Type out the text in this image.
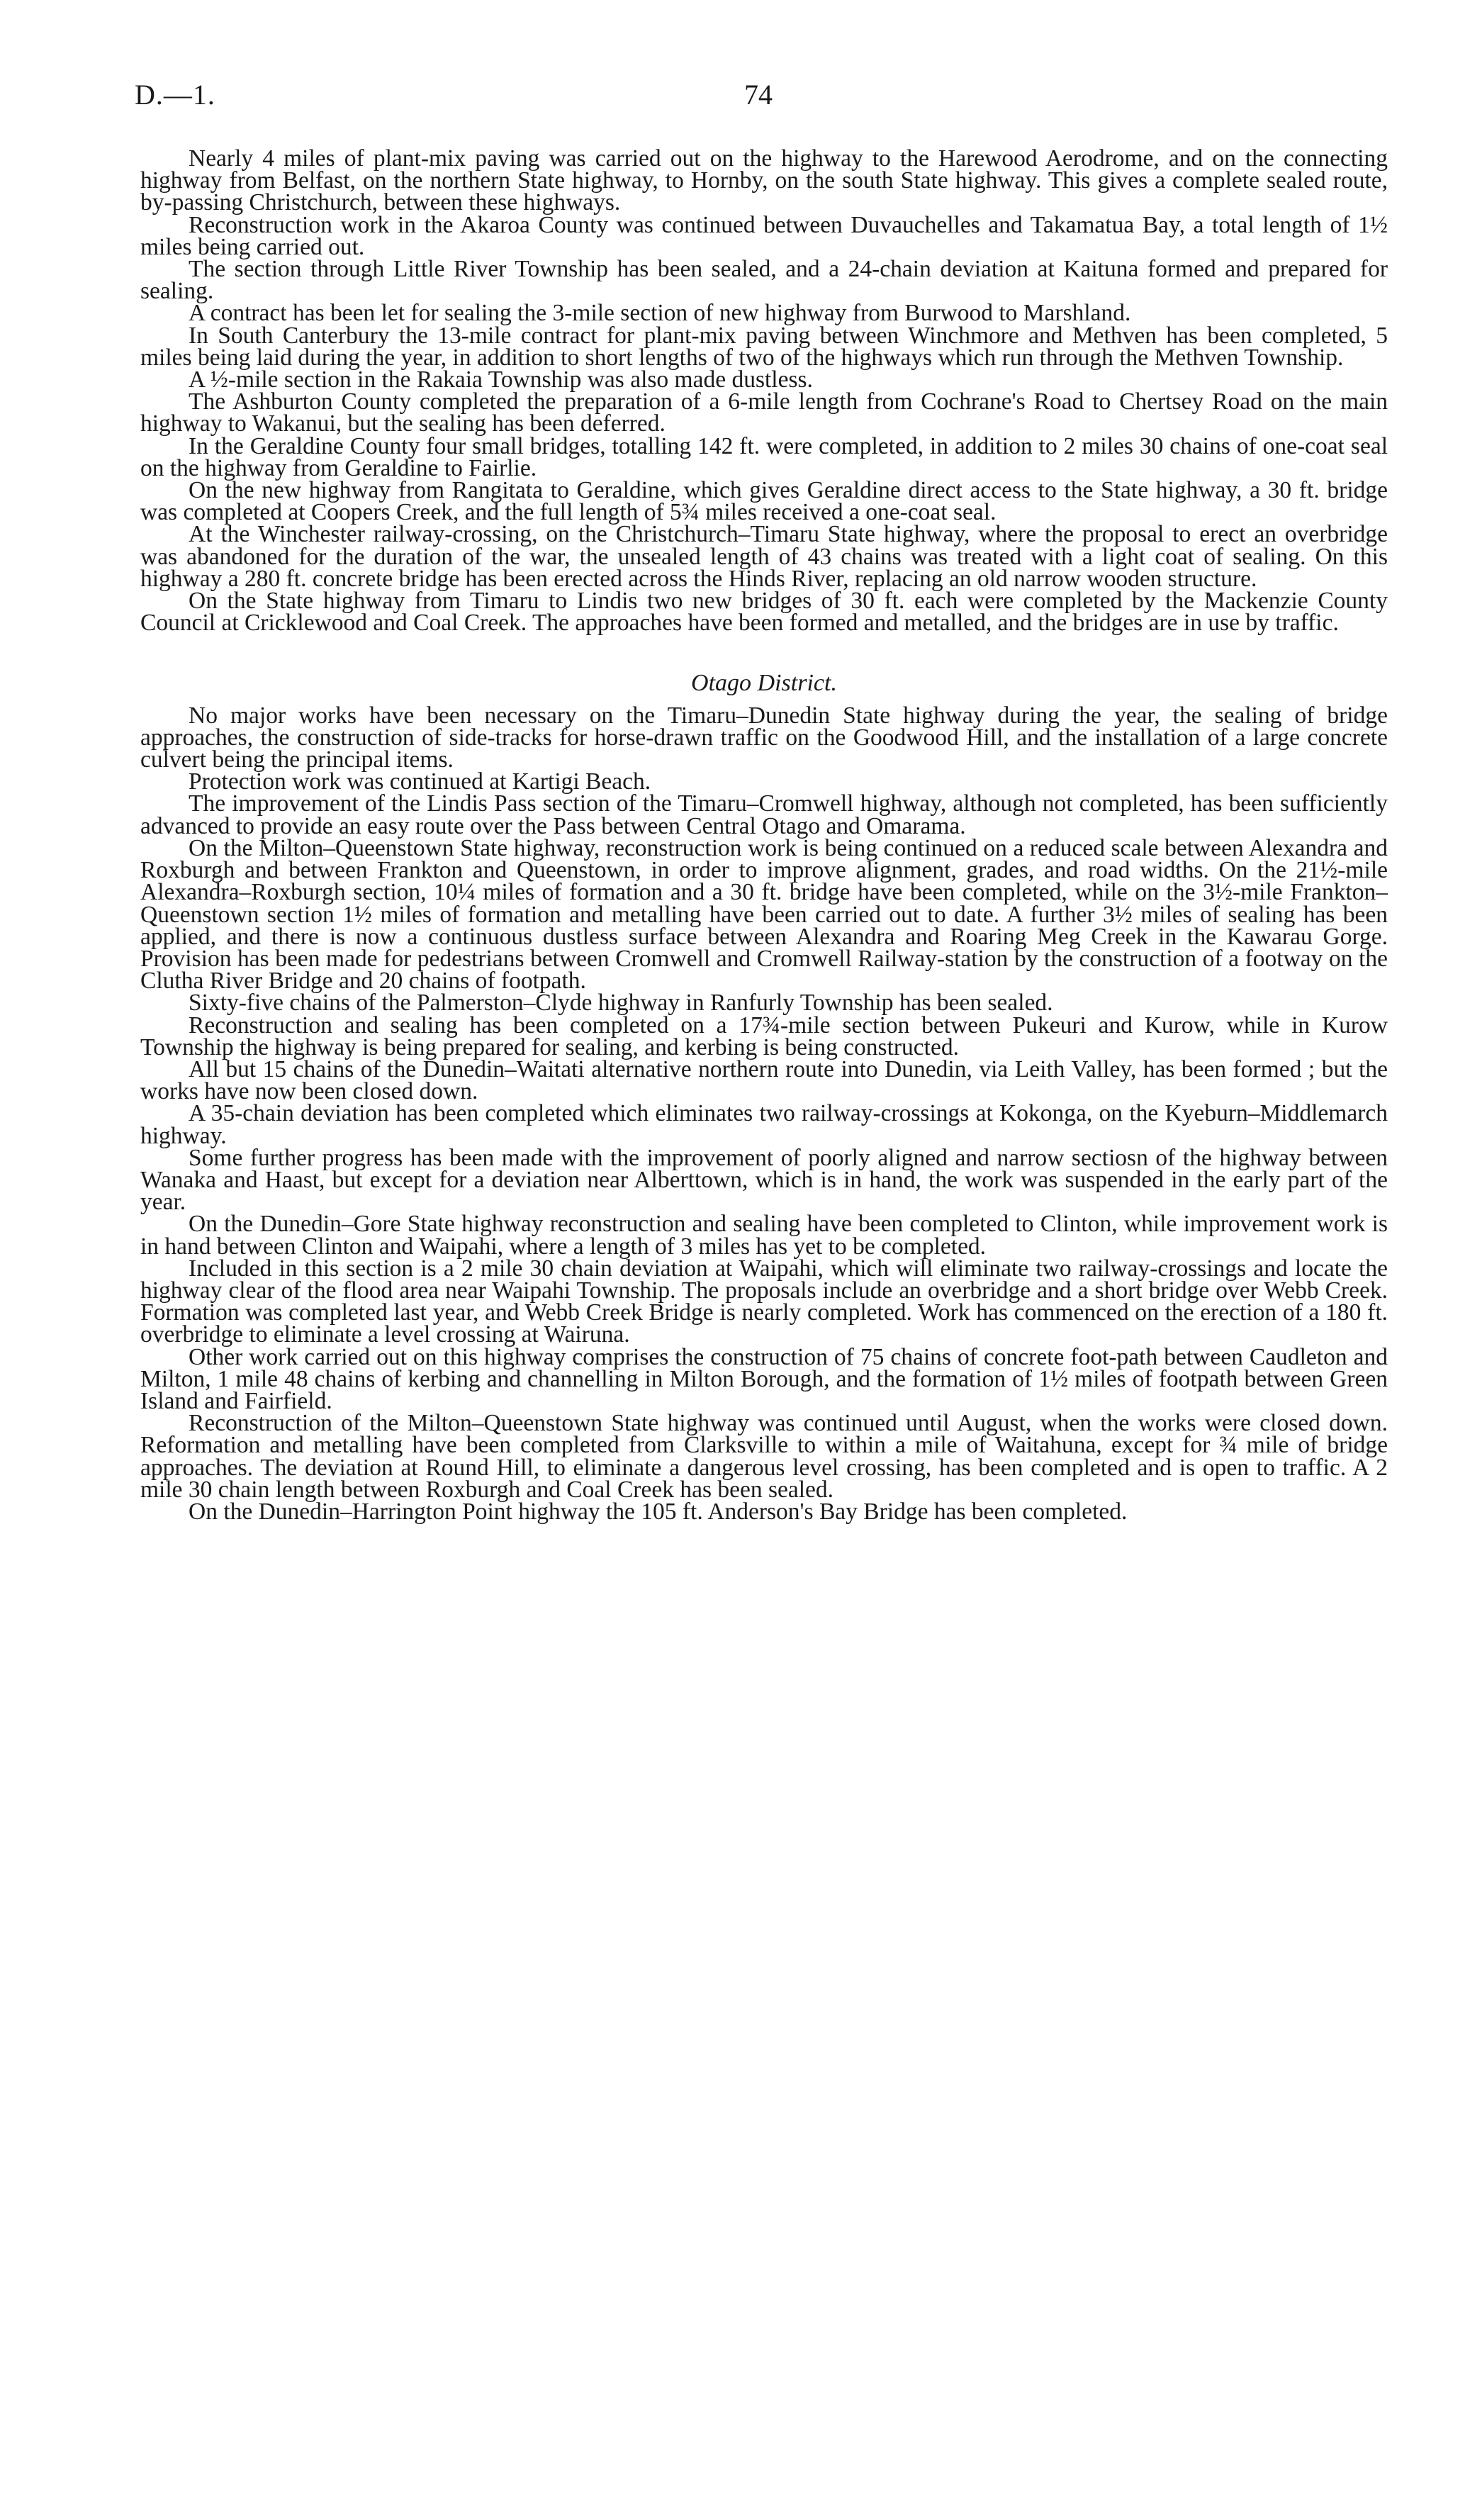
D.—1.	74

Nearly 4 miles of plant-mix paving was carried out on the highway to the Harewood Aerodrome, and on the connecting highway from Belfast, on the northern State highway, to Hornby, on the south State highway. This gives a complete sealed route, by-passing Christchurch, between these highways.

Reconstruction work in the Akaroa County was continued between Duvauchelles and Takamatua Bay, a total length of 1½ miles being carried out.

The section through Little River Township has been sealed, and a 24-chain deviation at Kaituna formed and prepared for sealing.

A contract has been let for sealing the 3-mile section of new highway from Burwood to Marshland.

In South Canterbury the 13-mile contract for plant-mix paving between Winchmore and Methven has been completed, 5 miles being laid during the year, in addition to short lengths of two of the highways which run through the Methven Township.

A ½-mile section in the Rakaia Township was also made dustless.

The Ashburton County completed the preparation of a 6-mile length from Cochrane's Road to Chertsey Road on the main highway to Wakanui, but the sealing has been deferred.

In the Geraldine County four small bridges, totalling 142 ft. were completed, in addition to 2 miles 30 chains of one-coat seal on the highway from Geraldine to Fairlie.

On the new highway from Rangitata to Geraldine, which gives Geraldine direct access to the State highway, a 30 ft. bridge was completed at Coopers Creek, and the full length of 5¾ miles received a one-coat seal.

At the Winchester railway-crossing, on the Christchurch–Timaru State highway, where the proposal to erect an overbridge was abandoned for the duration of the war, the unsealed length of 43 chains was treated with a light coat of sealing. On this highway a 280 ft. concrete bridge has been erected across the Hinds River, replacing an old narrow wooden structure.

On the State highway from Timaru to Lindis two new bridges of 30 ft. each were completed by the Mackenzie County Council at Cricklewood and Coal Creek. The approaches have been formed and metalled, and the bridges are in use by traffic.

Otago District.

No major works have been necessary on the Timaru–Dunedin State highway during the year, the sealing of bridge approaches, the construction of side-tracks for horse-drawn traffic on the Goodwood Hill, and the installation of a large concrete culvert being the principal items.

Protection work was continued at Kartigi Beach.

The improvement of the Lindis Pass section of the Timaru–Cromwell highway, although not completed, has been sufficiently advanced to provide an easy route over the Pass between Central Otago and Omarama.

On the Milton–Queenstown State highway, reconstruction work is being continued on a reduced scale between Alexandra and Roxburgh and between Frankton and Queenstown, in order to improve alignment, grades, and road widths. On the 21½-mile Alexandra–Roxburgh section, 10¼ miles of formation and a 30 ft. bridge have been completed, while on the 3½-mile Frankton–Queenstown section 1½ miles of formation and metalling have been carried out to date. A further 3½ miles of sealing has been applied, and there is now a continuous dustless surface between Alexandra and Roaring Meg Creek in the Kawarau Gorge. Provision has been made for pedestrians between Cromwell and Cromwell Railway-station by the construction of a footway on the Clutha River Bridge and 20 chains of footpath.

Sixty-five chains of the Palmerston–Clyde highway in Ranfurly Township has been sealed.

Reconstruction and sealing has been completed on a 17¾-mile section between Pukeuri and Kurow, while in Kurow Township the highway is being prepared for sealing, and kerbing is being constructed.

All but 15 chains of the Dunedin–Waitati alternative northern route into Dunedin, via Leith Valley, has been formed ; but the works have now been closed down.

A 35-chain deviation has been completed which eliminates two railway-crossings at Kokonga, on the Kyeburn–Middlemarch highway.

Some further progress has been made with the improvement of poorly aligned and narrow sectiosn of the highway between Wanaka and Haast, but except for a deviation near Alberttown, which is in hand, the work was suspended in the early part of the year.

On the Dunedin–Gore State highway reconstruction and sealing have been completed to Clinton, while improvement work is in hand between Clinton and Waipahi, where a length of 3 miles has yet to be completed.

Included in this section is a 2 mile 30 chain deviation at Waipahi, which will eliminate two railway-crossings and locate the highway clear of the flood area near Waipahi Township. The proposals include an overbridge and a short bridge over Webb Creek. Formation was completed last year, and Webb Creek Bridge is nearly completed. Work has commenced on the erection of a 180 ft. overbridge to eliminate a level crossing at Wairuna.

Other work carried out on this highway comprises the construction of 75 chains of concrete foot-path between Caudleton and Milton, 1 mile 48 chains of kerbing and channelling in Milton Borough, and the formation of 1½ miles of footpath between Green Island and Fairfield.

Reconstruction of the Milton–Queenstown State highway was continued until August, when the works were closed down. Reformation and metalling have been completed from Clarksville to within a mile of Waitahuna, except for ¾ mile of bridge approaches. The deviation at Round Hill, to eliminate a dangerous level crossing, has been completed and is open to traffic. A 2 mile 30 chain length between Roxburgh and Coal Creek has been sealed.

On the Dunedin–Harrington Point highway the 105 ft. Anderson's Bay Bridge has been completed.
